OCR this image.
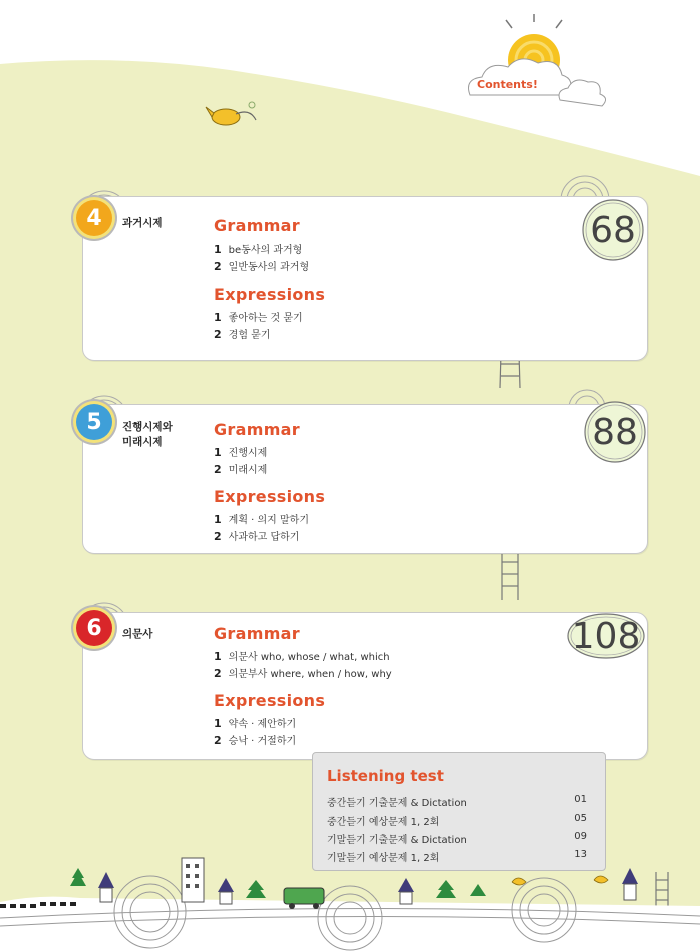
Contents!
4	과거시제	Grammar
1 be동사의 과거형
2 일반동사의 과거형
Expressions
1 좋아하는 것 묻기
2 경험 묻기
68
5	진행시제와
미래시제
Grammar
1 진행시제
2 미래시제
Expressions
1 계획 · 의지 말하기
2 사과하고 답하기
88
6	의문사	Grammar
1 의문사 who, whose / what, which
2 의문부사 where, when / how, why
Expressions
1 약속 · 제안하기
2 승낙 · 거절하기
108
Listening test
중간듣기 기출문제 & Dictation	01
중간듣기 예상문제 1, 2회	05
기말듣기 기출문제 & Dictation	09
기말듣기 예상문제 1, 2회	13
